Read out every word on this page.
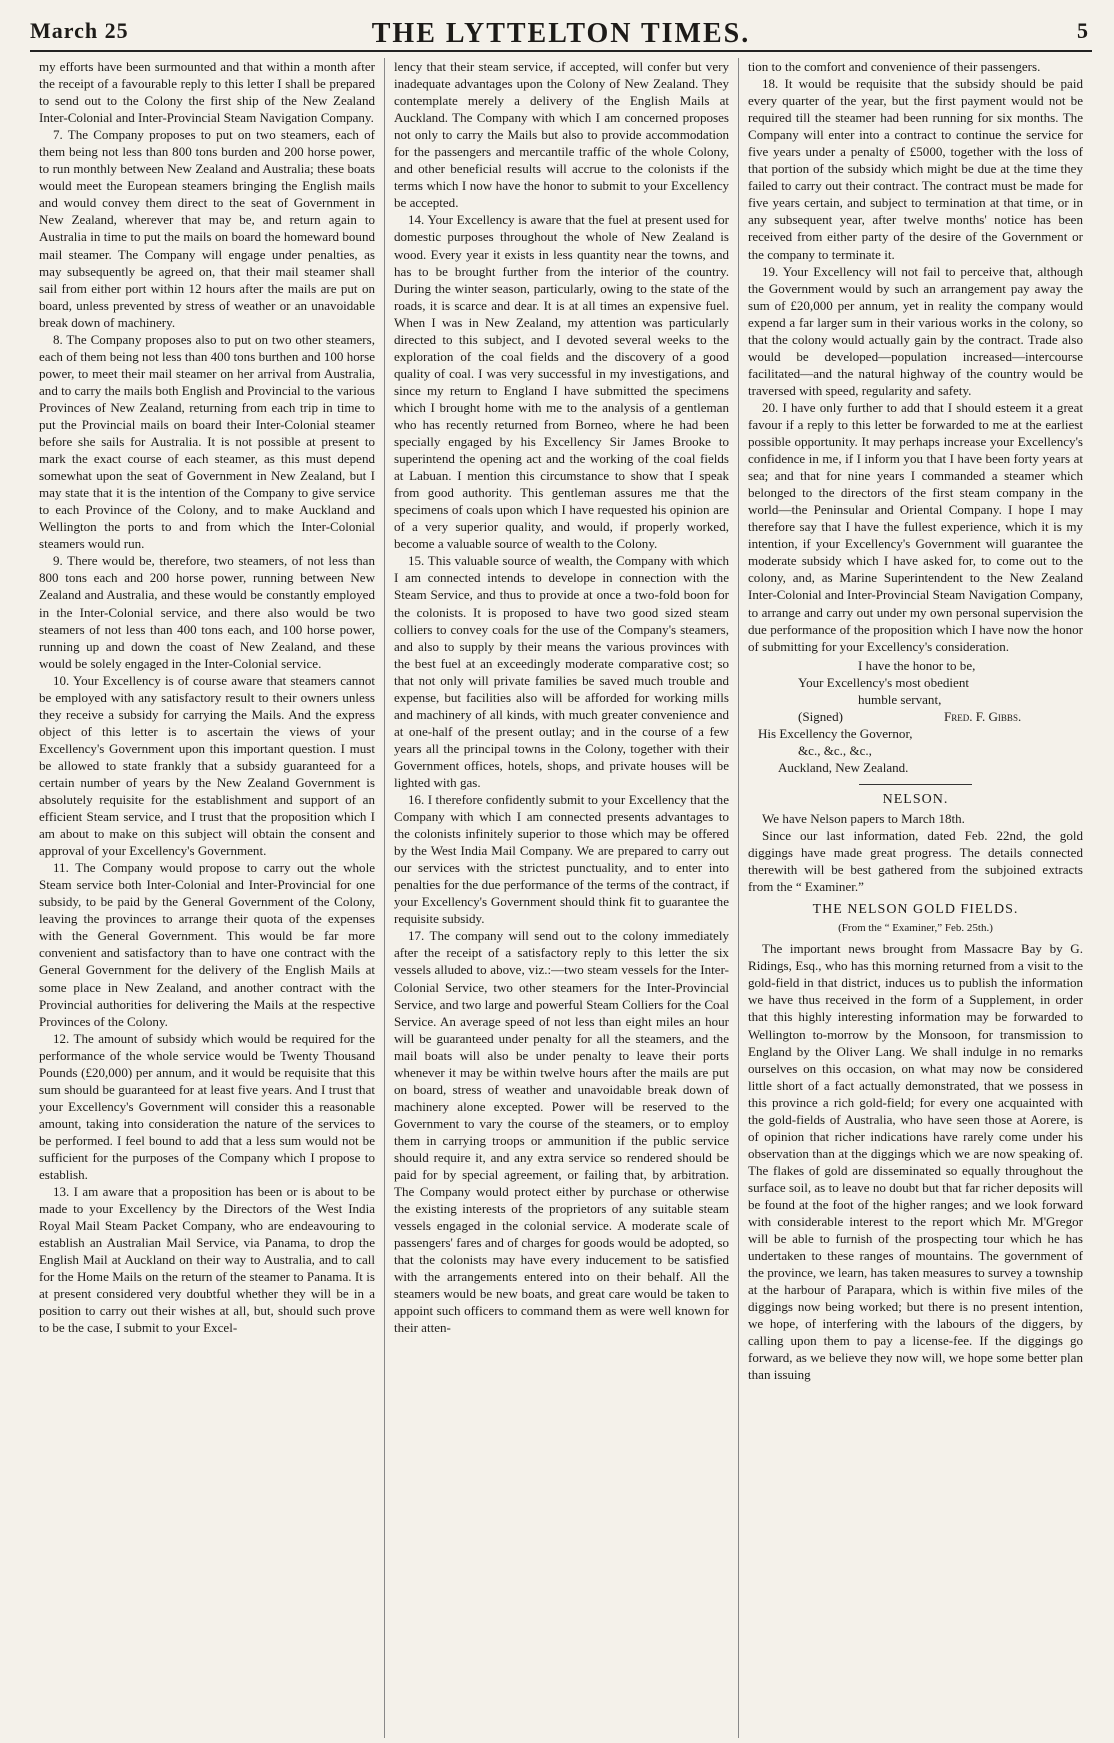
March 25	THE LYTTELTON TIMES.	5

my efforts have been surmounted and that within a month after the receipt of a favourable reply to this letter I shall be prepared to send out to the Colony the first ship of the New Zealand Inter-Colonial and Inter-Provincial Steam Navigation Company.

7. The Company proposes to put on two steamers, each of them being not less than 800 tons burden and 200 horse power, to run monthly between New Zealand and Australia; these boats would meet the European steamers bringing the English mails and would convey them direct to the seat of Government in New Zealand, wherever that may be, and return again to Australia in time to put the mails on board the homeward bound mail steamer. The Company will engage under penalties, as may subsequently be agreed on, that their mail steamer shall sail from either port within 12 hours after the mails are put on board, unless prevented by stress of weather or an unavoidable break down of machinery.

8. The Company proposes also to put on two other steamers, each of them being not less than 400 tons burthen and 100 horse power, to meet their mail steamer on her arrival from Australia, and to carry the mails both English and Provincial to the various Provinces of New Zealand, returning from each trip in time to put the Provincial mails on board their Inter-Colonial steamer before she sails for Australia. It is not possible at present to mark the exact course of each steamer, as this must depend somewhat upon the seat of Government in New Zealand, but I may state that it is the intention of the Company to give service to each Province of the Colony, and to make Auckland and Wellington the ports to and from which the Inter-Colonial steamers would run.

9. There would be, therefore, two steamers, of not less than 800 tons each and 200 horse power, running between New Zealand and Australia, and these would be constantly employed in the Inter-Colonial service, and there also would be two steamers of not less than 400 tons each, and 100 horse power, running up and down the coast of New Zealand, and these would be solely engaged in the Inter-Colonial service.

10. Your Excellency is of course aware that steamers cannot be employed with any satisfactory result to their owners unless they receive a subsidy for carrying the Mails. And the express object of this letter is to ascertain the views of your Excellency's Government upon this important question. I must be allowed to state frankly that a subsidy guaranteed for a certain number of years by the New Zealand Government is absolutely requisite for the establishment and support of an efficient Steam service, and I trust that the proposition which I am about to make on this subject will obtain the consent and approval of your Excellency's Government.

11. The Company would propose to carry out the whole Steam service both Inter-Colonial and Inter-Provincial for one subsidy, to be paid by the General Government of the Colony, leaving the provinces to arrange their quota of the expenses with the General Government. This would be far more convenient and satisfactory than to have one contract with the General Government for the delivery of the English Mails at some place in New Zealand, and another contract with the Provincial authorities for delivering the Mails at the respective Provinces of the Colony.

12. The amount of subsidy which would be required for the performance of the whole service would be Twenty Thousand Pounds (£20,000) per annum, and it would be requisite that this sum should be guaranteed for at least five years. And I trust that your Excellency's Government will consider this a reasonable amount, taking into consideration the nature of the services to be performed. I feel bound to add that a less sum would not be sufficient for the purposes of the Company which I propose to establish.

13. I am aware that a proposition has been or is about to be made to your Excellency by the Directors of the West India Royal Mail Steam Packet Company, who are endeavouring to establish an Australian Mail Service, via Panama, to drop the English Mail at Auckland on their way to Australia, and to call for the Home Mails on the return of the steamer to Panama. It is at present considered very doubtful whether they will be in a position to carry out their wishes at all, but, should such prove to be the case, I submit to your Excel-

lency that their steam service, if accepted, will confer but very inadequate advantages upon the Colony of New Zealand. They contemplate merely a delivery of the English Mails at Auckland. The Company with which I am concerned proposes not only to carry the Mails but also to provide accommodation for the passengers and mercantile traffic of the whole Colony, and other beneficial results will accrue to the colonists if the terms which I now have the honor to submit to your Excellency be accepted.

14. Your Excellency is aware that the fuel at present used for domestic purposes throughout the whole of New Zealand is wood. Every year it exists in less quantity near the towns, and has to be brought further from the interior of the country. During the winter season, particularly, owing to the state of the roads, it is scarce and dear. It is at all times an expensive fuel. When I was in New Zealand, my attention was particularly directed to this subject, and I devoted several weeks to the exploration of the coal fields and the discovery of a good quality of coal. I was very successful in my investigations, and since my return to England I have submitted the specimens which I brought home with me to the analysis of a gentleman who has recently returned from Borneo, where he had been specially engaged by his Excellency Sir James Brooke to superintend the opening act and the working of the coal fields at Labuan. I mention this circumstance to show that I speak from good authority. This gentleman assures me that the specimens of coals upon which I have requested his opinion are of a very superior quality, and would, if properly worked, become a valuable source of wealth to the Colony.

15. This valuable source of wealth, the Company with which I am connected intends to develope in connection with the Steam Service, and thus to provide at once a two-fold boon for the colonists. It is proposed to have two good sized steam colliers to convey coals for the use of the Company's steamers, and also to supply by their means the various provinces with the best fuel at an exceedingly moderate comparative cost; so that not only will private families be saved much trouble and expense, but facilities also will be afforded for working mills and machinery of all kinds, with much greater convenience and at one-half of the present outlay; and in the course of a few years all the principal towns in the Colony, together with their Government offices, hotels, shops, and private houses will be lighted with gas.

16. I therefore confidently submit to your Excellency that the Company with which I am connected presents advantages to the colonists infinitely superior to those which may be offered by the West India Mail Company. We are prepared to carry out our services with the strictest punctuality, and to enter into penalties for the due performance of the terms of the contract, if your Excellency's Government should think fit to guarantee the requisite subsidy.

17. The company will send out to the colony immediately after the receipt of a satisfactory reply to this letter the six vessels alluded to above, viz.:—two steam vessels for the Inter-Colonial Service, two other steamers for the Inter-Provincial Service, and two large and powerful Steam Colliers for the Coal Service. An average speed of not less than eight miles an hour will be guaranteed under penalty for all the steamers, and the mail boats will also be under penalty to leave their ports whenever it may be within twelve hours after the mails are put on board, stress of weather and unavoidable break down of machinery alone excepted. Power will be reserved to the Government to vary the course of the steamers, or to employ them in carrying troops or ammunition if the public service should require it, and any extra service so rendered should be paid for by special agreement, or failing that, by arbitration. The Company would protect either by purchase or otherwise the existing interests of the proprietors of any suitable steam vessels engaged in the colonial service. A moderate scale of passengers' fares and of charges for goods would be adopted, so that the colonists may have every inducement to be satisfied with the arrangements entered into on their behalf. All the steamers would be new boats, and great care would be taken to appoint such officers to command them as were well known for their atten-

tion to the comfort and convenience of their passengers.

18. It would be requisite that the subsidy should be paid every quarter of the year, but the first payment would not be required till the steamer had been running for six months. The Company will enter into a contract to continue the service for five years under a penalty of £5000, together with the loss of that portion of the subsidy which might be due at the time they failed to carry out their contract. The contract must be made for five years certain, and subject to termination at that time, or in any subsequent year, after twelve months' notice has been received from either party of the desire of the Government or the company to terminate it.

19. Your Excellency will not fail to perceive that, although the Government would by such an arrangement pay away the sum of £20,000 per annum, yet in reality the company would expend a far larger sum in their various works in the colony, so that the colony would actually gain by the contract. Trade also would be developed—population increased—intercourse facilitated—and the natural highway of the country would be traversed with speed, regularity and safety.

20. I have only further to add that I should esteem it a great favour if a reply to this letter be forwarded to me at the earliest possible opportunity. It may perhaps increase your Excellency's confidence in me, if I inform you that I have been forty years at sea; and that for nine years I commanded a steamer which belonged to the directors of the first steam company in the world—the Peninsular and Oriental Company. I hope I may therefore say that I have the fullest experience, which it is my intention, if your Excellency's Government will guarantee the moderate subsidy which I have asked for, to come out to the colony, and, as Marine Superintendent to the New Zealand Inter-Colonial and Inter-Provincial Steam Navigation Company, to arrange and carry out under my own personal supervision the due performance of the proposition which I have now the honor of submitting for your Excellency's consideration.

I have the honor to be,
Your Excellency's most obedient
humble servant,
(Signed)	Fred. F. Gibbs.
His Excellency the Governor,
&c., &c., &c.,
Auckland, New Zealand.
NELSON.

We have Nelson papers to March 18th.

Since our last information, dated Feb. 22nd, the gold diggings have made great progress. The details connected therewith will be best gathered from the subjoined extracts from the “ Examiner.”

THE NELSON GOLD FIELDS.
(From the “ Examiner,” Feb. 25th.)

The important news brought from Massacre Bay by G. Ridings, Esq., who has this morning returned from a visit to the gold-field in that district, induces us to publish the information we have thus received in the form of a Supplement, in order that this highly interesting information may be forwarded to Wellington to-morrow by the Monsoon, for transmission to England by the Oliver Lang. We shall indulge in no remarks ourselves on this occasion, on what may now be considered little short of a fact actually demonstrated, that we possess in this province a rich gold-field; for every one acquainted with the gold-fields of Australia, who have seen those at Aorere, is of opinion that richer indications have rarely come under his observation than at the diggings which we are now speaking of. The flakes of gold are disseminated so equally throughout the surface soil, as to leave no doubt but that far richer deposits will be found at the foot of the higher ranges; and we look forward with considerable interest to the report which Mr. M'Gregor will be able to furnish of the prospecting tour which he has undertaken to these ranges of mountains. The government of the province, we learn, has taken measures to survey a township at the harbour of Parapara, which is within five miles of the diggings now being worked; but there is no present intention, we hope, of interfering with the labours of the diggers, by calling upon them to pay a license-fee. If the diggings go forward, as we believe they now will, we hope some better plan than issuing
